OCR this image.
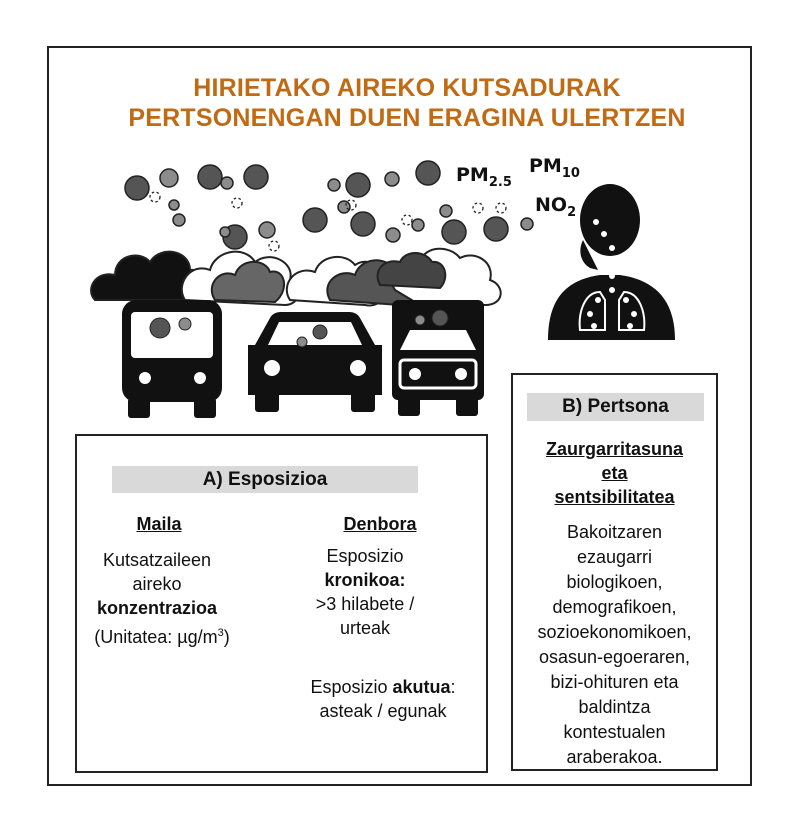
HIRIETAKO AIREKO KUTSADURAK
PERTSONENGAN DUEN ERAGINA ULERTZEN
$PM_{2.5}$
$PM_{10}$
$NO_2$
A) Esposizioa
Maila
Kutsatzaileen
aireko
konzentrazioa
(Unitatea: $\mu g/m^3$)
Denbora
Esposizio
kronikoa:
>3 hilabete /
urteak
Esposizio akutua:
asteak / egunak
B) Pertsona
Zaurgarritasuna
eta
sentsibilitatea
Bakoitzaren
ezaugarri
biologikoen,
demografikoen,
sozioekonomikoen,
osasun-egoeraren,
bizi-ohituren eta
baldintza
kontestualen
araberakoa.
